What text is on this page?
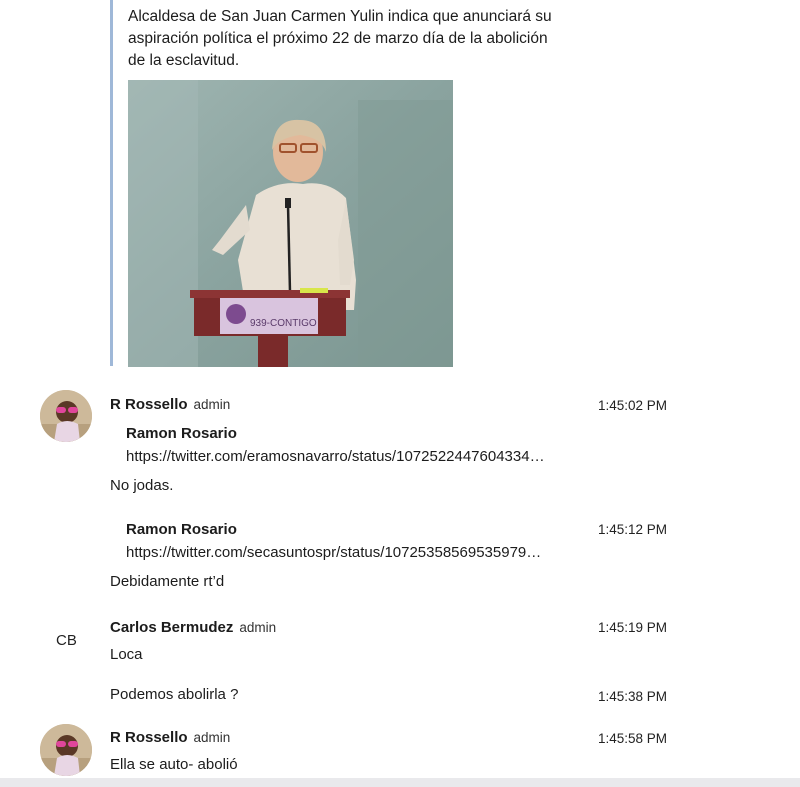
Alcaldesa de San Juan Carmen Yulin indica que anunciará su aspiración política el próximo 22 de marzo día de la abolición de la esclavitud.
939-CONTIGO
R Rossello admin	1:45:02 PM
Ramon Rosario
https://twitter.com/eramosnavarro/status/1072522447604334…
No jodas.
1:45:12 PM
Ramon Rosario
https://twitter.com/secasuntospr/status/10725358569535979…
Debidamente rt’d
CB
Carlos Bermudez admin	1:45:19 PM
Loca
Podemos abolirla ?	1:45:38 PM
R Rossello admin	1:45:58 PM
Ella se auto- abolió
